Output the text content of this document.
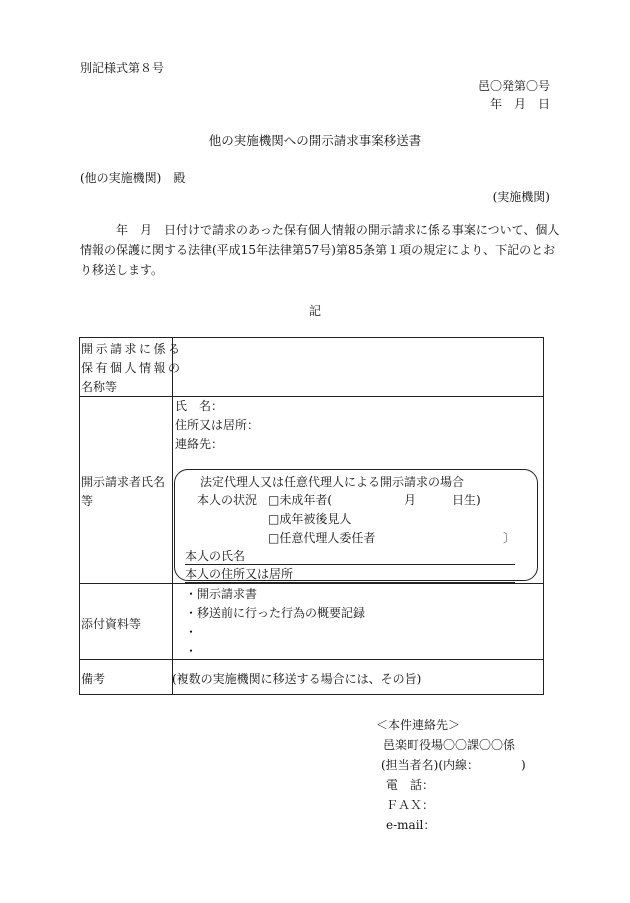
別記様式第８号
邑〇発第〇号
年　月　日
他の実施機関への開示請求事案移送書
(他の実施機関)　殿
(実施機関)
年　月　日付けで請求のあった保有個人情報の開示請求に係る事案について、個人
情報の保護に関する法律(平成15年法律第57号)第85条第１項の規定により、下記のとお
り移送します。
記
開示請求に係る
保有個人情報の
名称等
開示請求者氏名
等
氏　名：
住所又は居所：
連絡先：
法定代理人又は任意代理人による開示請求の場合
本人の状況 □未成年者(　　　　　　月　　　日生)
□成年被後見人
□任意代理人委任者	〕
本人の氏名
本人の住所又は居所
添付資料等
・開示請求書
・移送前に行った行為の概要記録
・
・
備考	(複数の実施機関に移送する場合には、その旨)
＜本件連絡先＞
邑楽町役場〇〇課〇〇係
(担当者名)(内線：　　　　)
電　話：
ＦＡＸ：
e-mail：
